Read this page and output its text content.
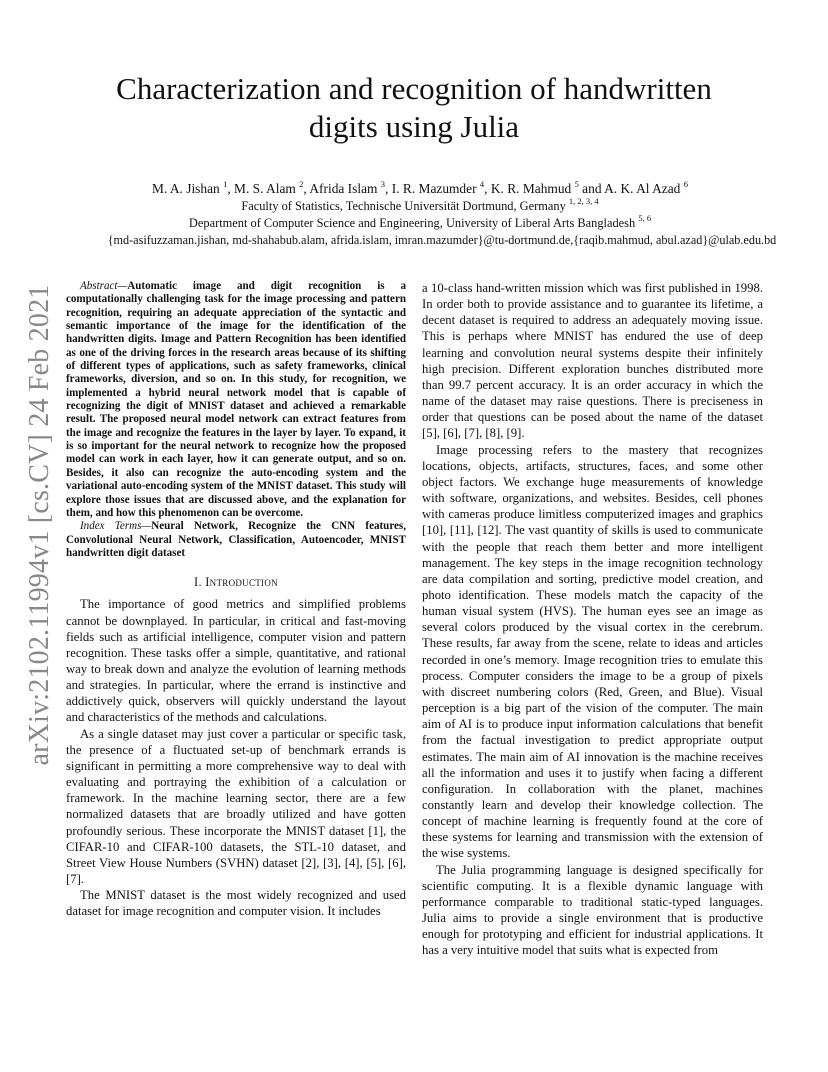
arXiv:2102.11994v1 [cs.CV] 24 Feb 2021
Characterization and recognition of handwritten digits using Julia
M. A. Jishan $^1$, M. S. Alam $^2$, Afrida Islam $^3$, I. R. Mazumder $^4$, K. R. Mahmud $^5$ and A. K. Al Azad $^6$
Faculty of Statistics, Technische Universität Dortmund, Germany $^{1, 2, 3, 4}$
Department of Computer Science and Engineering, University of Liberal Arts Bangladesh $^{5, 6}$
{md-asifuzzaman.jishan, md-shahabub.alam, afrida.islam, imran.mazumder}@tu-dortmund.de,{raqib.mahmud, abul.azad}@ulab.edu.bd

Abstract—Automatic image and digit recognition is a computationally challenging task for the image processing and pattern recognition, requiring an adequate appreciation of the syntactic and semantic importance of the image for the identification of the handwritten digits. Image and Pattern Recognition has been identified as one of the driving forces in the research areas because of its shifting of different types of applications, such as safety frameworks, clinical frameworks, diversion, and so on. In this study, for recognition, we implemented a hybrid neural network model that is capable of recognizing the digit of MNIST dataset and achieved a remarkable result. The proposed neural model network can extract features from the image and recognize the features in the layer by layer. To expand, it is so important for the neural network to recognize how the proposed model can work in each layer, how it can generate output, and so on. Besides, it also can recognize the auto-encoding system and the variational auto-encoding system of the MNIST dataset. This study will explore those issues that are discussed above, and the explanation for them, and how this phenomenon can be overcome.

Index Terms—Neural Network, Recognize the CNN features, Convolutional Neural Network, Classification, Autoencoder, MNIST handwritten digit dataset

I. Introduction

The importance of good metrics and simplified problems cannot be downplayed. In particular, in critical and fast-moving fields such as artificial intelligence, computer vision and pattern recognition. These tasks offer a simple, quantitative, and rational way to break down and analyze the evolution of learning methods and strategies. In particular, where the errand is instinctive and addictively quick, observers will quickly understand the layout and characteristics of the methods and calculations.

As a single dataset may just cover a particular or specific task, the presence of a fluctuated set-up of benchmark errands is significant in permitting a more comprehensive way to deal with evaluating and portraying the exhibition of a calculation or framework. In the machine learning sector, there are a few normalized datasets that are broadly utilized and have gotten profoundly serious. These incorporate the MNIST dataset [1], the CIFAR-10 and CIFAR-100 datasets, the STL-10 dataset, and Street View House Numbers (SVHN) dataset [2], [3], [4], [5], [6], [7].

The MNIST dataset is the most widely recognized and used dataset for image recognition and computer vision. It includes

a 10-class hand-written mission which was first published in 1998. In order both to provide assistance and to guarantee its lifetime, a decent dataset is required to address an adequately moving issue. This is perhaps where MNIST has endured the use of deep learning and convolution neural systems despite their infinitely high precision. Different exploration bunches distributed more than 99.7 percent accuracy. It is an order accuracy in which the name of the dataset may raise questions. There is preciseness in order that questions can be posed about the name of the dataset [5], [6], [7], [8], [9].

Image processing refers to the mastery that recognizes locations, objects, artifacts, structures, faces, and some other object factors. We exchange huge measurements of knowledge with software, organizations, and websites. Besides, cell phones with cameras produce limitless computerized images and graphics [10], [11], [12]. The vast quantity of skills is used to communicate with the people that reach them better and more intelligent management. The key steps in the image recognition technology are data compilation and sorting, predictive model creation, and photo identification. These models match the capacity of the human visual system (HVS). The human eyes see an image as several colors produced by the visual cortex in the cerebrum. These results, far away from the scene, relate to ideas and articles recorded in one’s memory. Image recognition tries to emulate this process. Computer considers the image to be a group of pixels with discreet numbering colors (Red, Green, and Blue). Visual perception is a big part of the vision of the computer. The main aim of AI is to produce input information calculations that benefit from the factual investigation to predict appropriate output estimates. The main aim of AI innovation is the machine receives all the information and uses it to justify when facing a different configuration. In collaboration with the planet, machines constantly learn and develop their knowledge collection. The concept of machine learning is frequently found at the core of these systems for learning and transmission with the extension of the wise systems.

The Julia programming language is designed specifically for scientific computing. It is a flexible dynamic language with performance comparable to traditional static-typed languages. Julia aims to provide a single environment that is productive enough for prototyping and efficient for industrial applications. It has a very intuitive model that suits what is expected from
